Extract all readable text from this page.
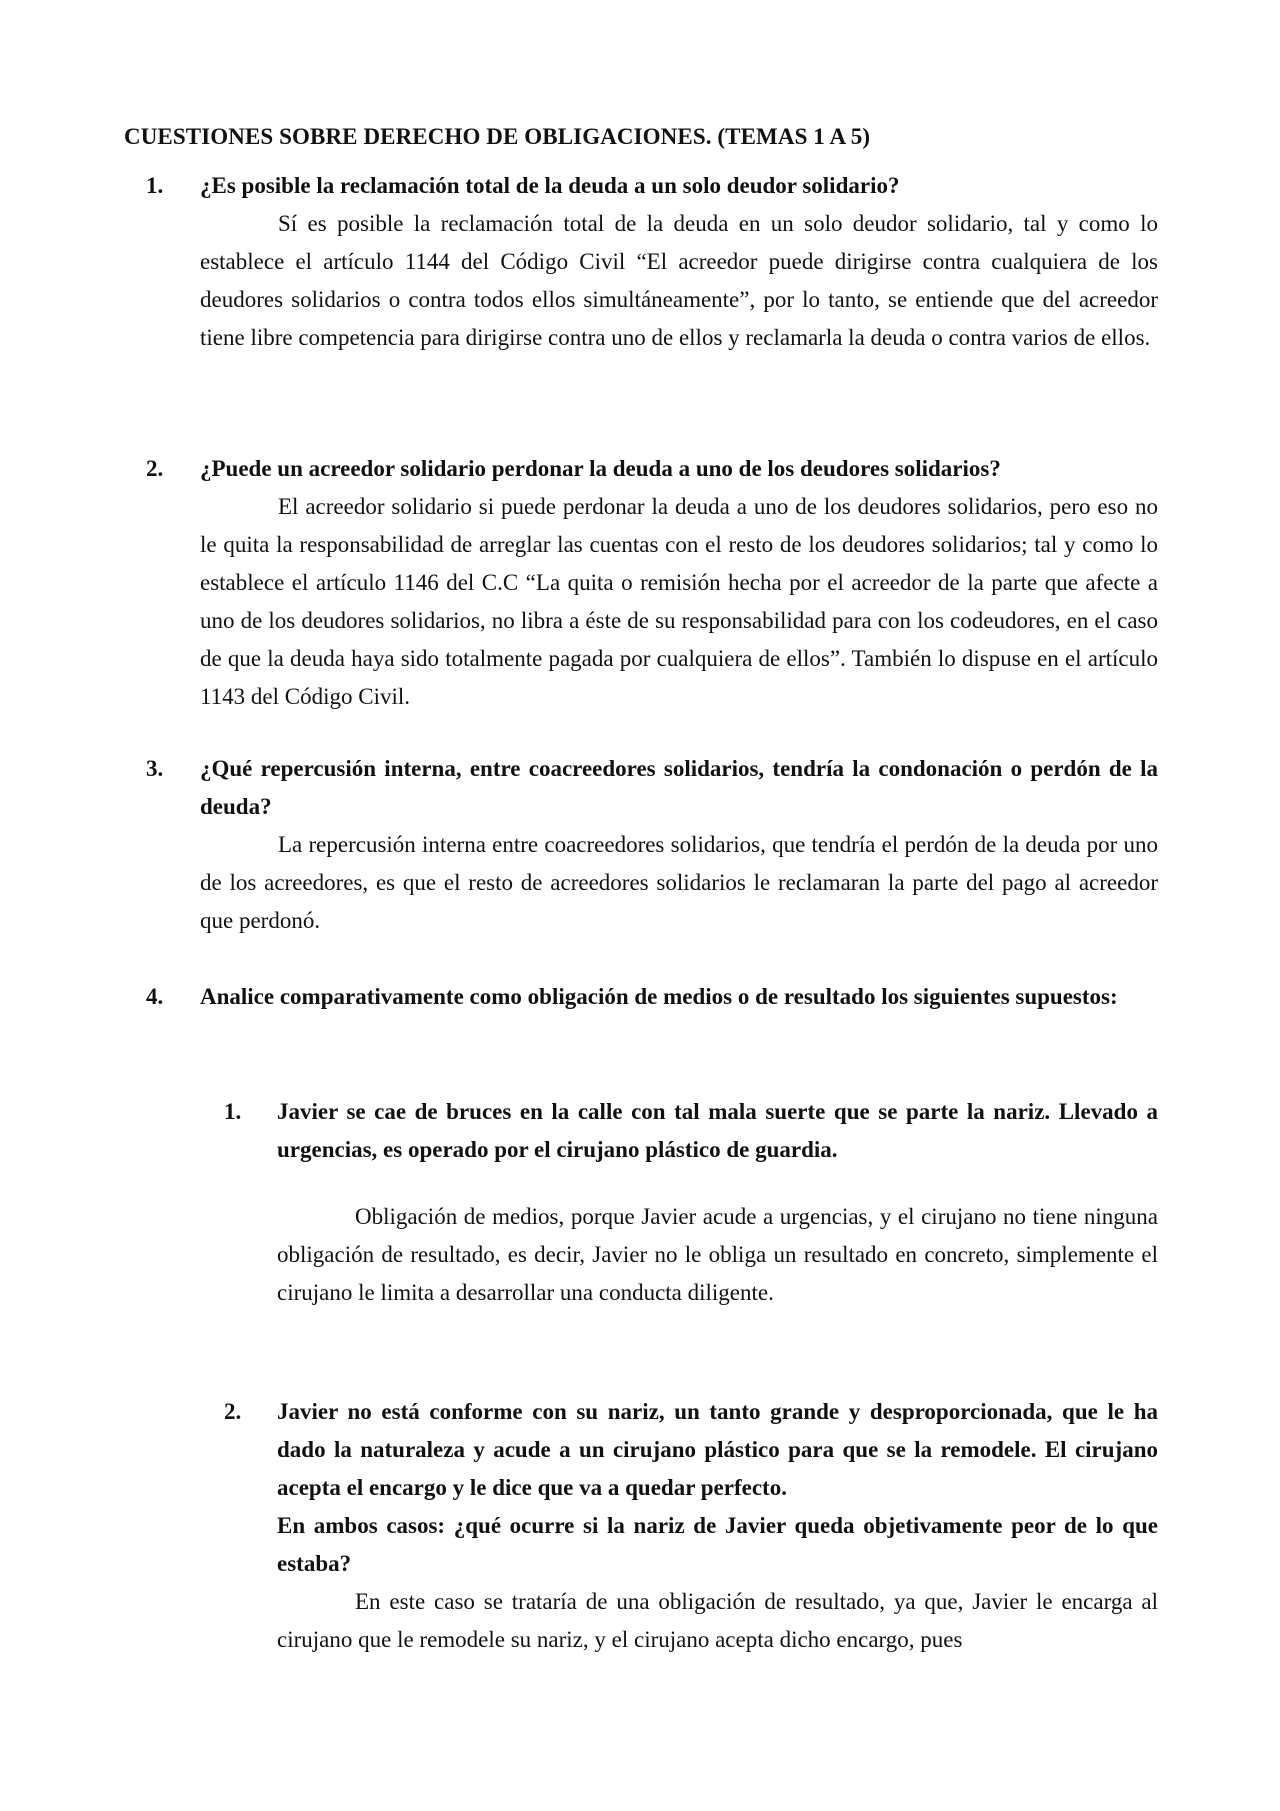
CUESTIONES SOBRE DERECHO DE OBLIGACIONES. (TEMAS 1 A 5)
1. ¿Es posible la reclamación total de la deuda a un solo deudor solidario?
Sí es posible la reclamación total de la deuda en un solo deudor solidario, tal y como lo establece el artículo 1144 del Código Civil “El acreedor puede dirigirse contra cualquiera de los deudores solidarios o contra todos ellos simultáneamente”, por lo tanto, se entiende que del acreedor tiene libre competencia para dirigirse contra uno de ellos y reclamarla la deuda o contra varios de ellos.
2. ¿Puede un acreedor solidario perdonar la deuda a uno de los deudores solidarios?
El acreedor solidario si puede perdonar la deuda a uno de los deudores solidarios, pero eso no le quita la responsabilidad de arreglar las cuentas con el resto de los deudores solidarios; tal y como lo establece el artículo 1146 del C.C “La quita o remisión hecha por el acreedor de la parte que afecte a uno de los deudores solidarios, no libra a éste de su responsabilidad para con los codeudores, en el caso de que la deuda haya sido totalmente pagada por cualquiera de ellos”. También lo dispuse en el artículo 1143 del Código Civil.
3. ¿Qué repercusión interna, entre coacreedores solidarios, tendría la condonación o perdón de la deuda?
La repercusión interna entre coacreedores solidarios, que tendría el perdón de la deuda por uno de los acreedores, es que el resto de acreedores solidarios le reclamaran la parte del pago al acreedor que perdonó.
4. Analice comparativamente como obligación de medios o de resultado los siguientes supuestos:
1. Javier se cae de bruces en la calle con tal mala suerte que se parte la nariz. Llevado a urgencias, es operado por el cirujano plástico de guardia.
Obligación de medios, porque Javier acude a urgencias, y el cirujano no tiene ninguna obligación de resultado, es decir, Javier no le obliga un resultado en concreto, simplemente el cirujano le limita a desarrollar una conducta diligente.
2. Javier no está conforme con su nariz, un tanto grande y desproporcionada, que le ha dado la naturaleza y acude a un cirujano plástico para que se la remodele. El cirujano acepta el encargo y le dice que va a quedar perfecto.
En ambos casos: ¿qué ocurre si la nariz de Javier queda objetivamente peor de lo que estaba?
En este caso se trataría de una obligación de resultado, ya que, Javier le encarga al cirujano que le remodele su nariz, y el cirujano acepta dicho encargo, pues
